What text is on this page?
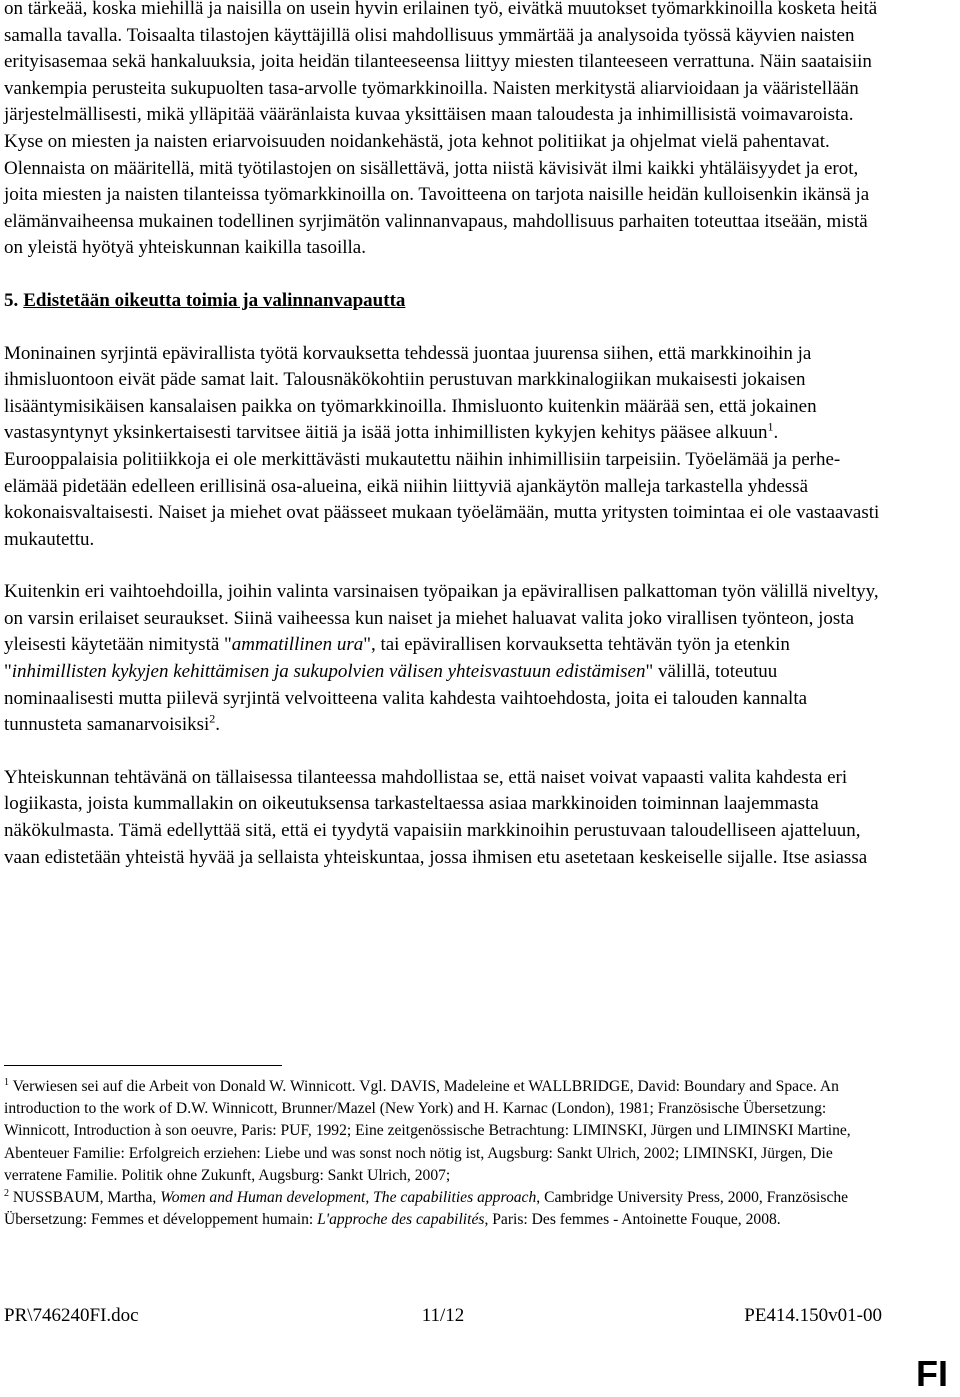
on tärkeää, koska miehillä ja naisilla on usein hyvin erilainen työ, eivätkä muutokset työmarkkinoilla kosketa heitä samalla tavalla. Toisaalta tilastojen käyttäjillä olisi mahdollisuus ymmärtää ja analysoida työssä käyvien naisten erityisasemaa sekä hankaluuksia, joita heidän tilanteeseensa liittyy miesten tilanteeseen verrattuna. Näin saataisiin vankempia perusteita sukupuolten tasa-arvolle työmarkkinoilla. Naisten merkitystä aliarvioidaan ja vääristellään järjestelmällisesti, mikä ylläpitää vääränlaista kuvaa yksittäisen maan taloudesta ja inhimillisistä voimavaroista. Kyse on miesten ja naisten eriarvoisuuden noidankehästä, jota kehnot politiikat ja ohjelmat vielä pahentavat. Olennaista on määritellä, mitä työtilastojen on sisällettävä, jotta niistä kävisivät ilmi kaikki yhtäläisyydet ja erot, joita miesten ja naisten tilanteissa työmarkkinoilla on. Tavoitteena on tarjota naisille heidän kulloisenkin ikänsä ja elämänvaiheensa mukainen todellinen syrjimätön valinnanvapaus, mahdollisuus parhaiten toteuttaa itseään, mistä on yleistä hyötyä yhteiskunnan kaikilla tasoilla.

5. Edistetään oikeutta toimia ja valinnanvapautta

Moninainen syrjintä epävirallista työtä korvauksetta tehdessä juontaa juurensa siihen, että markkinoihin ja ihmisluontoon eivät päde samat lait. Talousnäkökohtiin perustuvan markkinalogiikan mukaisesti jokaisen lisääntymisikäisen kansalaisen paikka on työmarkkinoilla. Ihmisluonto kuitenkin määrää sen, että jokainen vastasyntynyt yksinkertaisesti tarvitsee äitiä ja isää jotta inhimillisten kykyjen kehitys pääsee alkuun$^1$. Eurooppalaisia politiikkoja ei ole merkittävästi mukautettu näihin inhimillisiin tarpeisiin. Työelämää ja perhe-elämää pidetään edelleen erillisinä osa-alueina, eikä niihin liittyviä ajankäytön malleja tarkastella yhdessä kokonaisvaltaisesti. Naiset ja miehet ovat päässeet mukaan työelämään, mutta yritysten toimintaa ei ole vastaavasti mukautettu.

Kuitenkin eri vaihtoehdoilla, joihin valinta varsinaisen työpaikan ja epävirallisen palkattoman työn välillä niveltyy, on varsin erilaiset seuraukset. Siinä vaiheessa kun naiset ja miehet haluavat valita joko virallisen työnteon, josta yleisesti käytetään nimitystä "ammatillinen ura", tai epävirallisen korvauksetta tehtävän työn ja etenkin "inhimillisten kykyjen kehittämisen ja sukupolvien välisen yhteisvastuun edistämisen" välillä, toteutuu nominaalisesti mutta piilevä syrjintä velvoitteena valita kahdesta vaihtoehdosta, joita ei talouden kannalta tunnusteta samanarvoisiksi$^2$.

Yhteiskunnan tehtävänä on tällaisessa tilanteessa mahdollistaa se, että naiset voivat vapaasti valita kahdesta eri logiikasta, joista kummallakin on oikeutuksensa tarkasteltaessa asiaa markkinoiden toiminnan laajemmasta näkökulmasta. Tämä edellyttää sitä, että ei tyydytä vapaisiin markkinoihin perustuvaan taloudelliseen ajatteluun, vaan edistetään yhteistä hyvää ja sellaista yhteiskuntaa, jossa ihmisen etu asetetaan keskeiselle sijalle. Itse asiassa

$^1$ Verwiesen sei auf die Arbeit von Donald W. Winnicott. Vgl. DAVIS, Madeleine et WALLBRIDGE, David: Boundary and Space. An introduction to the work of D.W. Winnicott, Brunner/Mazel (New York) and H. Karnac (London), 1981; Französische Übersetzung: Winnicott, Introduction à son oeuvre, Paris: PUF, 1992; Eine zeitgenössische Betrachtung: LIMINSKI, Jürgen und LIMINSKI Martine, Abenteuer Familie: Erfolgreich erziehen: Liebe und was sonst noch nötig ist, Augsburg: Sankt Ulrich, 2002; LIMINSKI, Jürgen, Die verratene Familie. Politik ohne Zukunft, Augsburg: Sankt Ulrich, 2007;

$^2$ NUSSBAUM, Martha, Women and Human development, The capabilities approach, Cambridge University Press, 2000, Französische Übersetzung: Femmes et développement humain: L'approche des capabilités, Paris: Des femmes - Antoinette Fouque, 2008.

PR\746240FI.doc	11/12	PE414.150v01-00
FI
